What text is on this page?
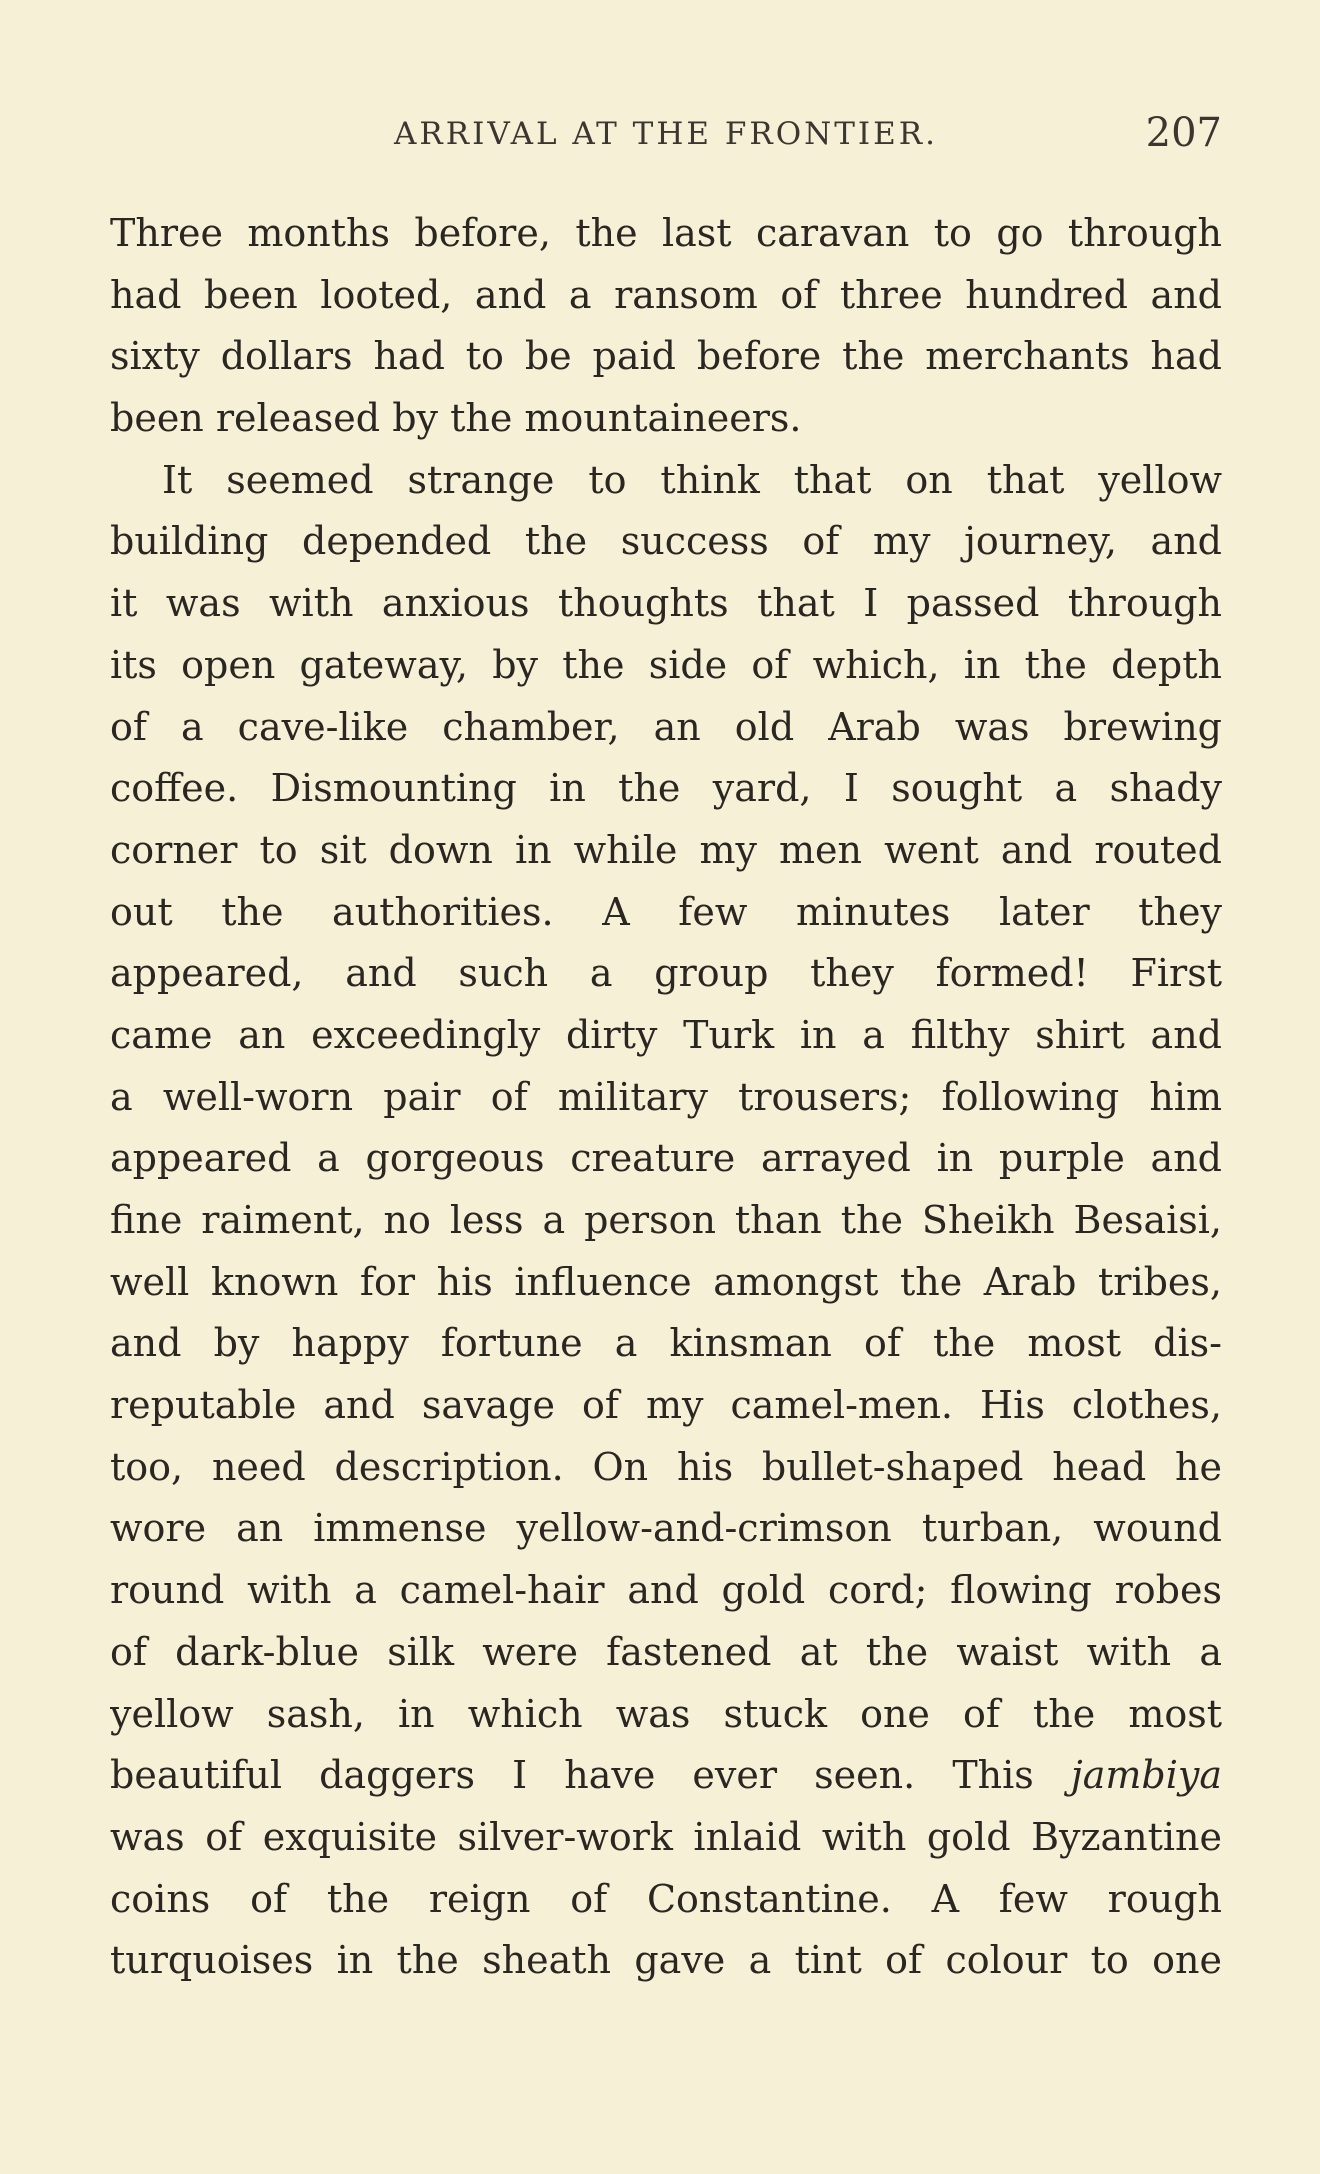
ARRIVAL AT THE FRONTIER.	207
Three months before, the last caravan to go through
had been looted, and a ransom of three hundred and
sixty dollars had to be paid before the merchants had
been released by the mountaineers.
It seemed strange to think that on that yellow
building depended the success of my journey, and
it was with anxious thoughts that I passed through
its open gateway, by the side of which, in the depth
of a cave-like chamber, an old Arab was brewing
coffee. Dismounting in the yard, I sought a shady
corner to sit down in while my men went and routed
out the authorities. A few minutes later they
appeared, and such a group they formed! First
came an exceedingly dirty Turk in a filthy shirt and
a well-worn pair of military trousers; following him
appeared a gorgeous creature arrayed in purple and
fine raiment, no less a person than the Sheikh Besaisi,
well known for his influence amongst the Arab tribes,
and by happy fortune a kinsman of the most dis-
reputable and savage of my camel-men. His clothes,
too, need description. On his bullet-shaped head he
wore an immense yellow-and-crimson turban, wound
round with a camel-hair and gold cord; flowing robes
of dark-blue silk were fastened at the waist with a
yellow sash, in which was stuck one of the most
beautiful daggers I have ever seen. This jambiya
was of exquisite silver-work inlaid with gold Byzantine
coins of the reign of Constantine. A few rough
turquoises in the sheath gave a tint of colour to one
